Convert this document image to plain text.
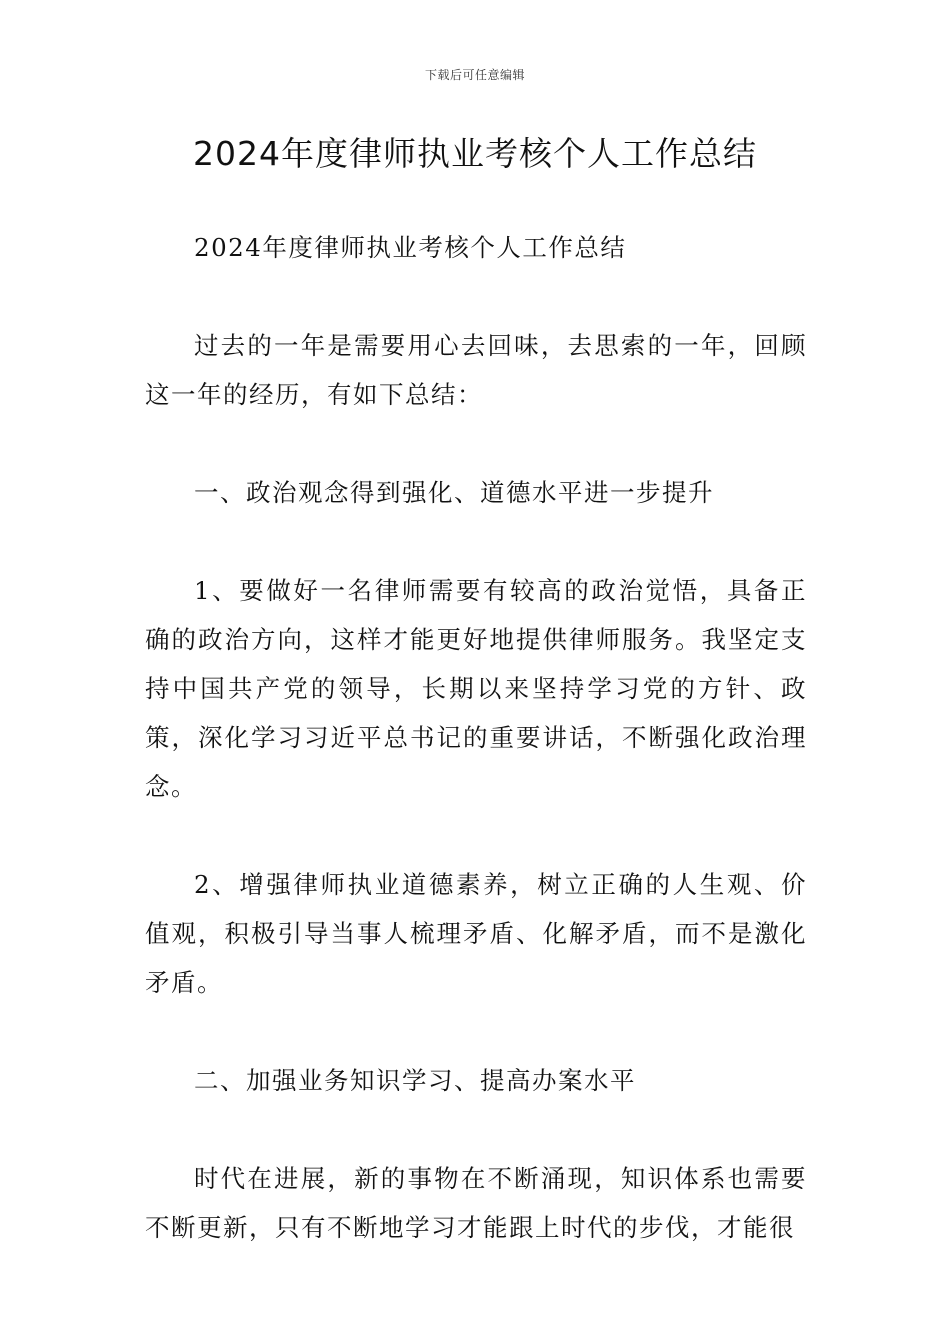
下载后可任意编辑
2024年度律师执业考核个人工作总结

2024年度律师执业考核个人工作总结

过去的一年是需要用心去回味，去思索的一年，回顾这一年的经历，有如下总结：

一、政治观念得到强化、道德水平进一步提升

1、要做好一名律师需要有较高的政治觉悟，具备正确的政治方向，这样才能更好地提供律师服务。我坚定支持中国共产党的领导，长期以来坚持学习党的方针、政策，深化学习习近平总书记的重要讲话，不断强化政治理念。

2、增强律师执业道德素养，树立正确的人生观、价值观，积极引导当事人梳理矛盾、化解矛盾，而不是激化矛盾。

二、加强业务知识学习、提高办案水平

时代在进展，新的事物在不断涌现，知识体系也需要不断更新，只有不断地学习才能跟上时代的步伐，才能很
